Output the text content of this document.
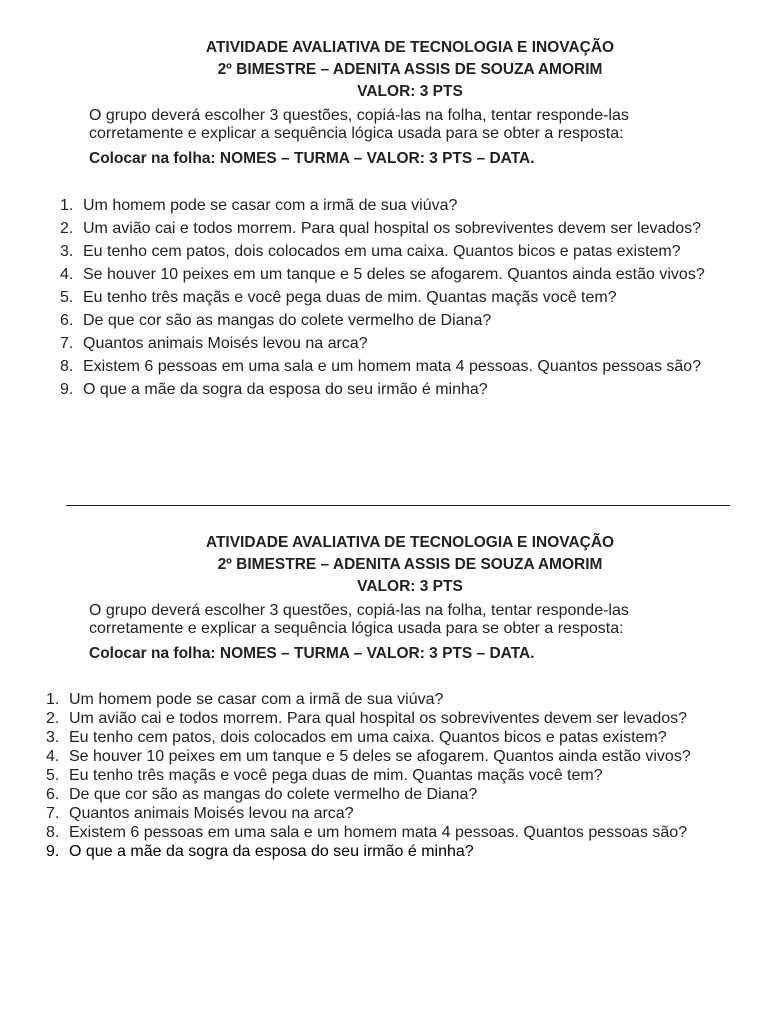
ATIVIDADE AVALIATIVA DE TECNOLOGIA E INOVAÇÃO

2º BIMESTRE – ADENITA ASSIS DE SOUZA AMORIM

VALOR: 3 PTS

O grupo deverá escolher 3 questões, copiá-las na folha, tentar responde-las corretamente e explicar a sequência lógica usada para se obter a resposta:

Colocar na folha: NOMES – TURMA – VALOR: 3 PTS – DATA.

1. Um homem pode se casar com a irmã de sua viúva?
2. Um avião cai e todos morrem. Para qual hospital os sobreviventes devem ser levados?
3. Eu tenho cem patos, dois colocados em uma caixa. Quantos bicos e patas existem?
4. Se houver 10 peixes em um tanque e 5 deles se afogarem. Quantos ainda estão vivos?
5. Eu tenho três maçãs e você pega duas de mim. Quantas maçãs você tem?
6. De que cor são as mangas do colete vermelho de Diana?
7. Quantos animais Moisés levou na arca?
8. Existem 6 pessoas em uma sala e um homem mata 4 pessoas. Quantos pessoas são?
9. O que a mãe da sogra da esposa do seu irmão é minha?

ATIVIDADE AVALIATIVA DE TECNOLOGIA E INOVAÇÃO

2º BIMESTRE – ADENITA ASSIS DE SOUZA AMORIM

VALOR: 3 PTS

O grupo deverá escolher 3 questões, copiá-las na folha, tentar responde-las corretamente e explicar a sequência lógica usada para se obter a resposta:

Colocar na folha: NOMES – TURMA – VALOR: 3 PTS – DATA.

1. Um homem pode se casar com a irmã de sua viúva?
2. Um avião cai e todos morrem. Para qual hospital os sobreviventes devem ser levados?
3. Eu tenho cem patos, dois colocados em uma caixa. Quantos bicos e patas existem?
4. Se houver 10 peixes em um tanque e 5 deles se afogarem. Quantos ainda estão vivos?
5. Eu tenho três maçãs e você pega duas de mim. Quantas maçãs você tem?
6. De que cor são as mangas do colete vermelho de Diana?
7. Quantos animais Moisés levou na arca?
8. Existem 6 pessoas em uma sala e um homem mata 4 pessoas. Quantos pessoas são?
9. O que a mãe da sogra da esposa do seu irmão é minha?
